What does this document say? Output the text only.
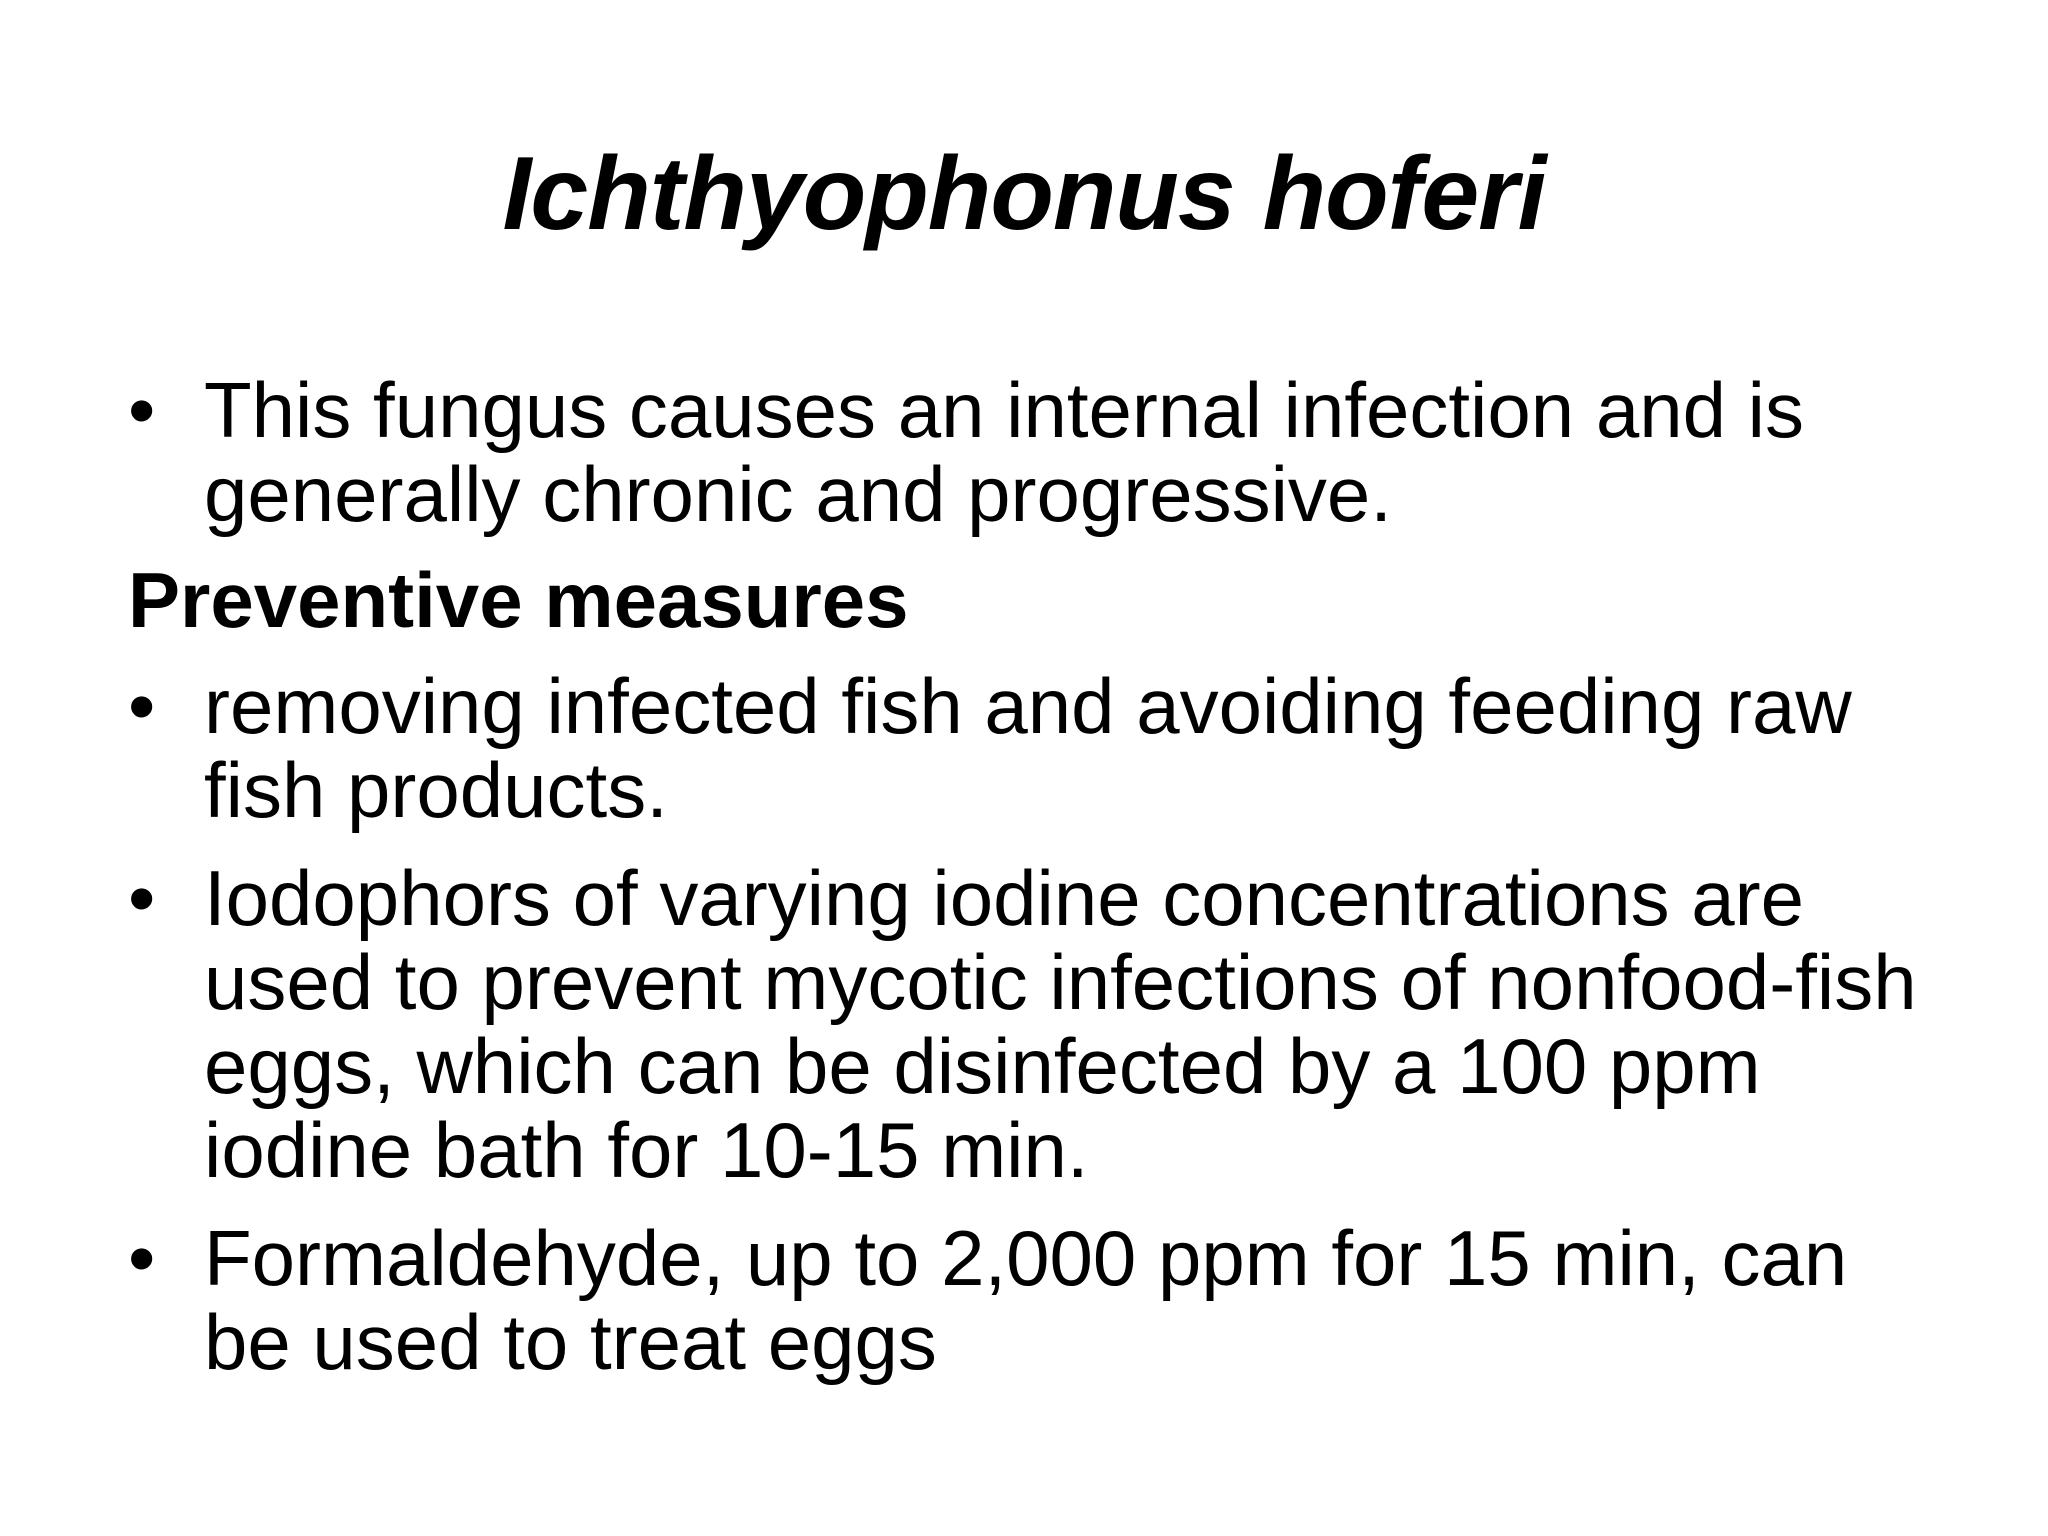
Ichthyophonus hoferi
• This fungus causes an internal infection and is generally chronic and progressive.
Preventive measures
• removing infected fish and avoiding feeding raw fish products.
• Iodophors of varying iodine concentrations are used to prevent mycotic infections of nonfood-fish eggs, which can be disinfected by a 100 ppm iodine bath for 10-15 min.
• Formaldehyde, up to 2,000 ppm for 15 min, can be used to treat eggs
